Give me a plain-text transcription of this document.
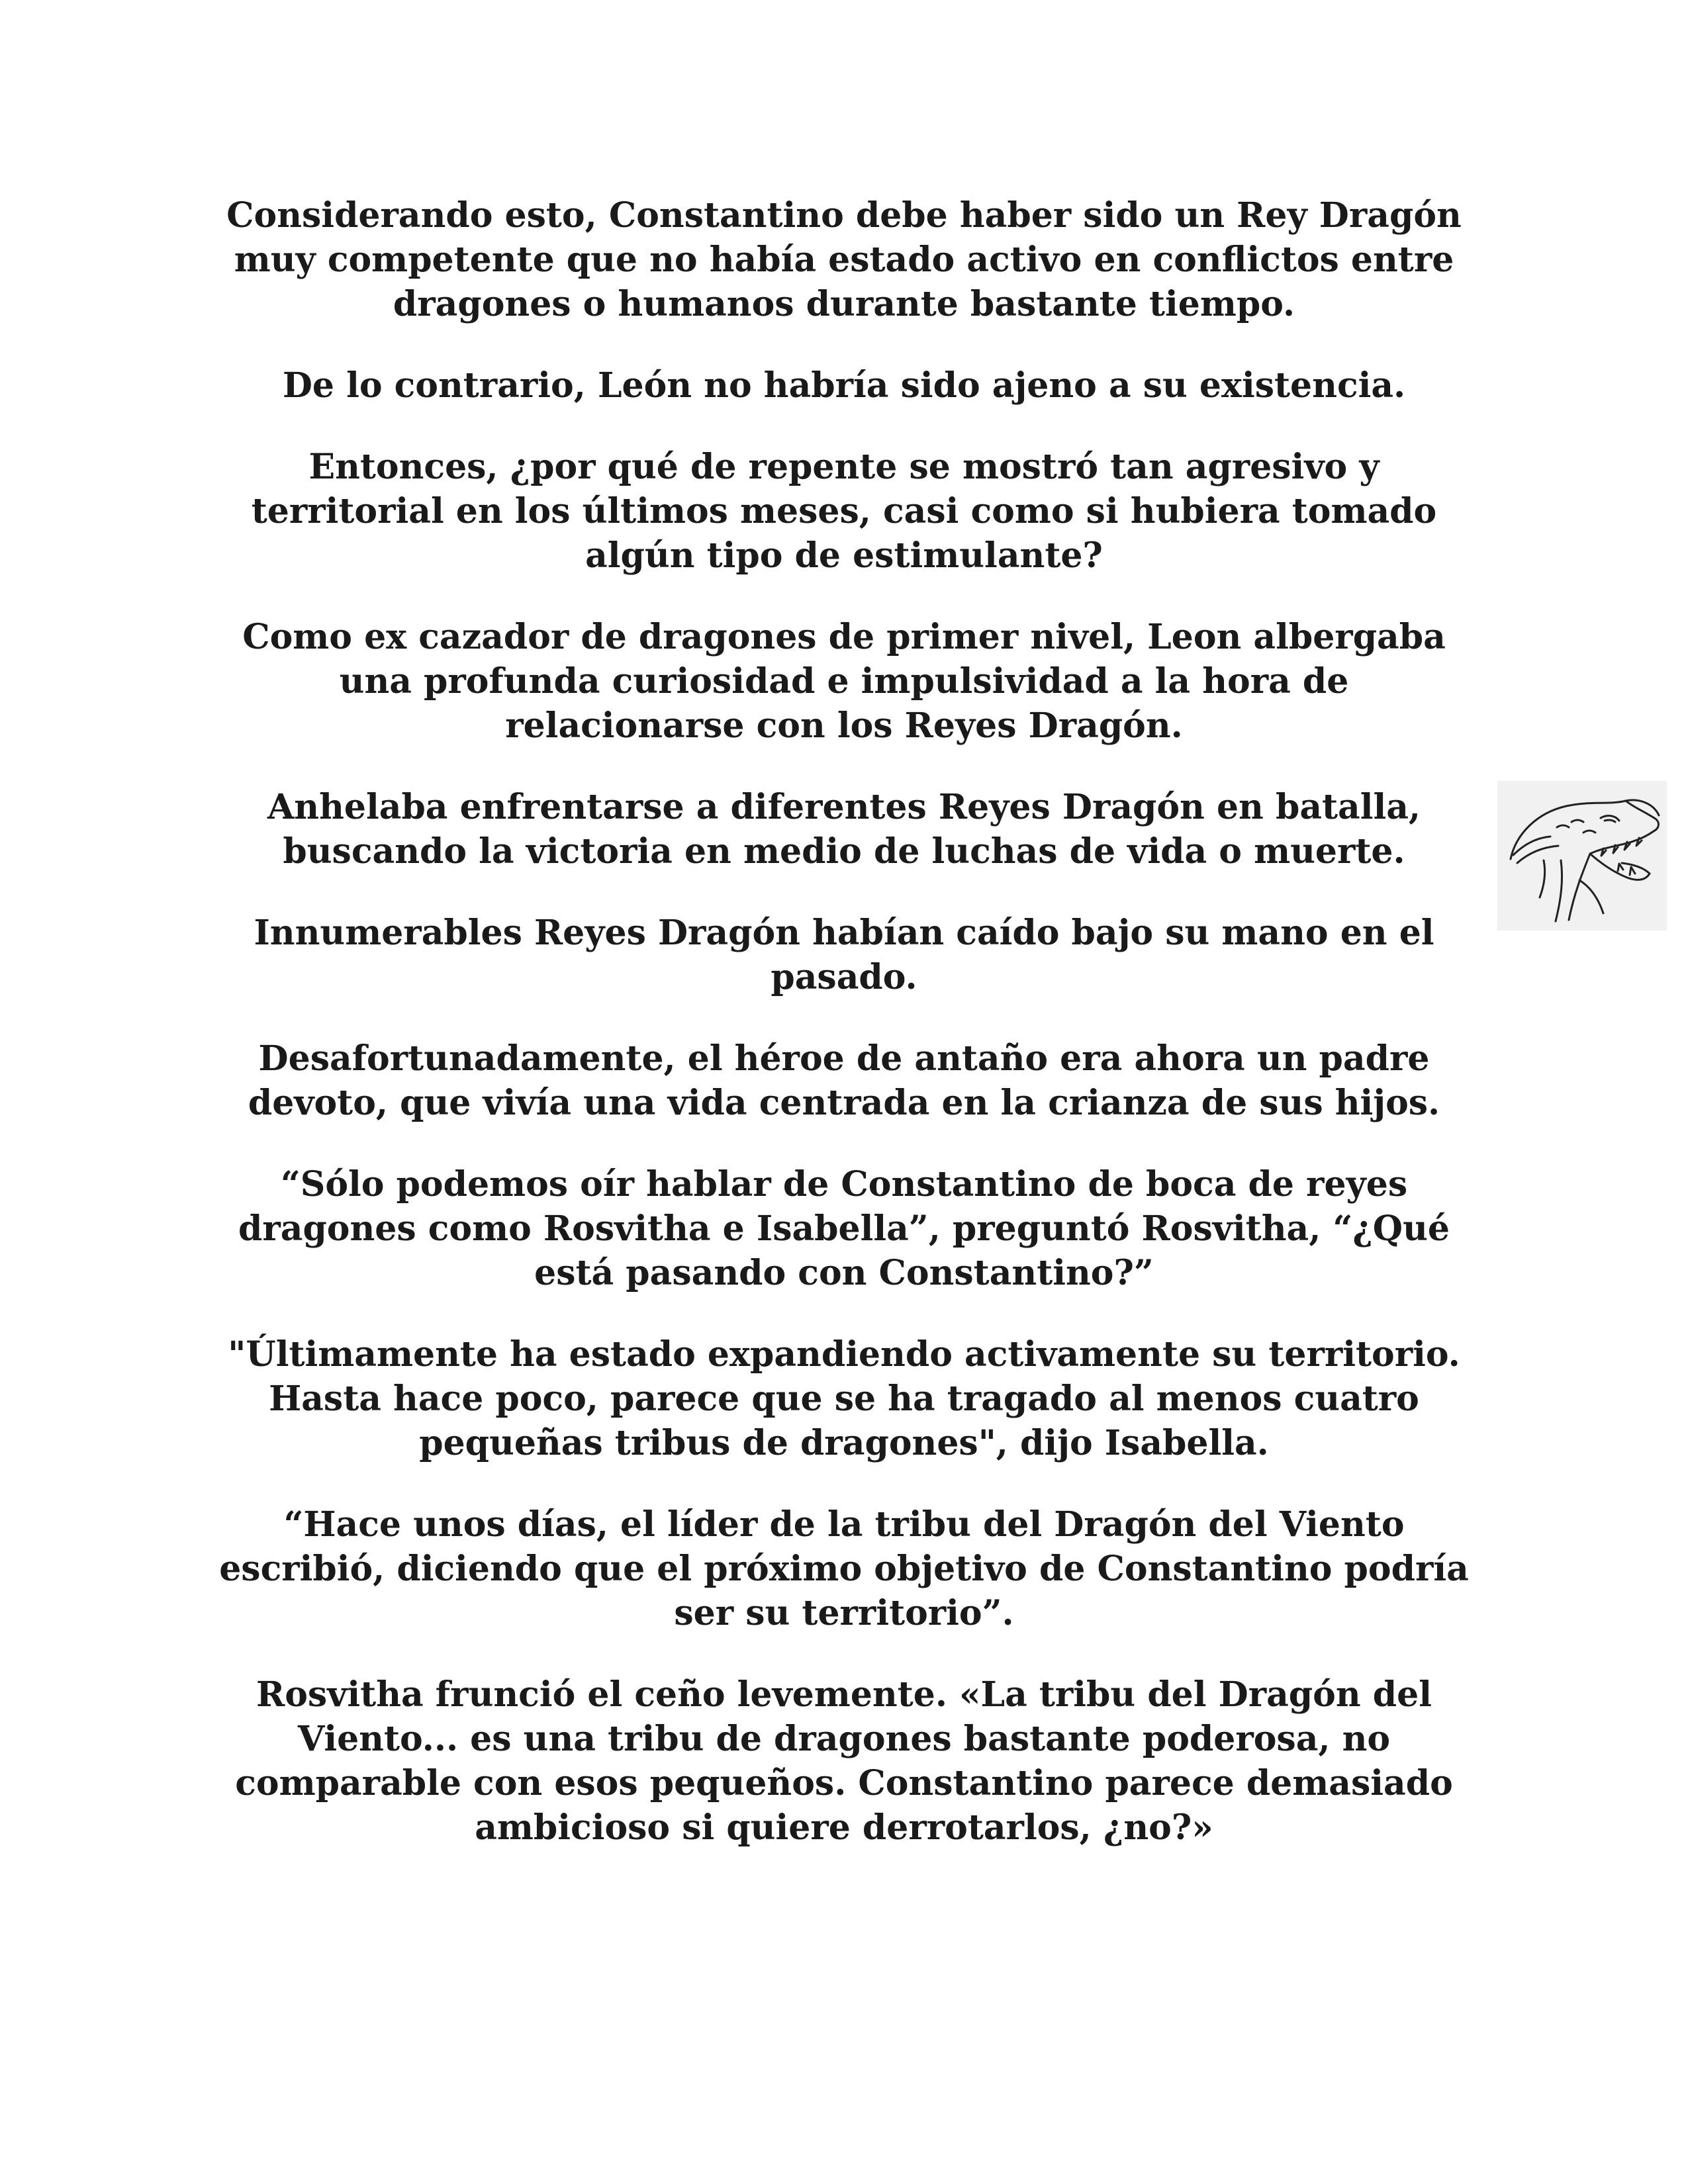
Considerando esto, Constantino debe haber sido un Rey Dragón muy competente que no había estado activo en conflictos entre dragones o humanos durante bastante tiempo.

De lo contrario, León no habría sido ajeno a su existencia.

Entonces, ¿por qué de repente se mostró tan agresivo y territorial en los últimos meses, casi como si hubiera tomado algún tipo de estimulante?

Como ex cazador de dragones de primer nivel, Leon albergaba una profunda curiosidad e impulsividad a la hora de relacionarse con los Reyes Dragón.

Anhelaba enfrentarse a diferentes Reyes Dragón en batalla, buscando la victoria en medio de luchas de vida o muerte.

Innumerables Reyes Dragón habían caído bajo su mano en el pasado.

Desafortunadamente, el héroe de antaño era ahora un padre devoto, que vivía una vida centrada en la crianza de sus hijos.

“Sólo podemos oír hablar de Constantino de boca de reyes dragones como Rosvitha e Isabella”, preguntó Rosvitha, “¿Qué está pasando con Constantino?”

"Últimamente ha estado expandiendo activamente su territorio. Hasta hace poco, parece que se ha tragado al menos cuatro pequeñas tribus de dragones", dijo Isabella.

“Hace unos días, el líder de la tribu del Dragón del Viento escribió, diciendo que el próximo objetivo de Constantino podría ser su territorio”.

Rosvitha frunció el ceño levemente. «La tribu del Dragón del Viento... es una tribu de dragones bastante poderosa, no comparable con esos pequeños. Constantino parece demasiado ambicioso si quiere derrotarlos, ¿no?»
